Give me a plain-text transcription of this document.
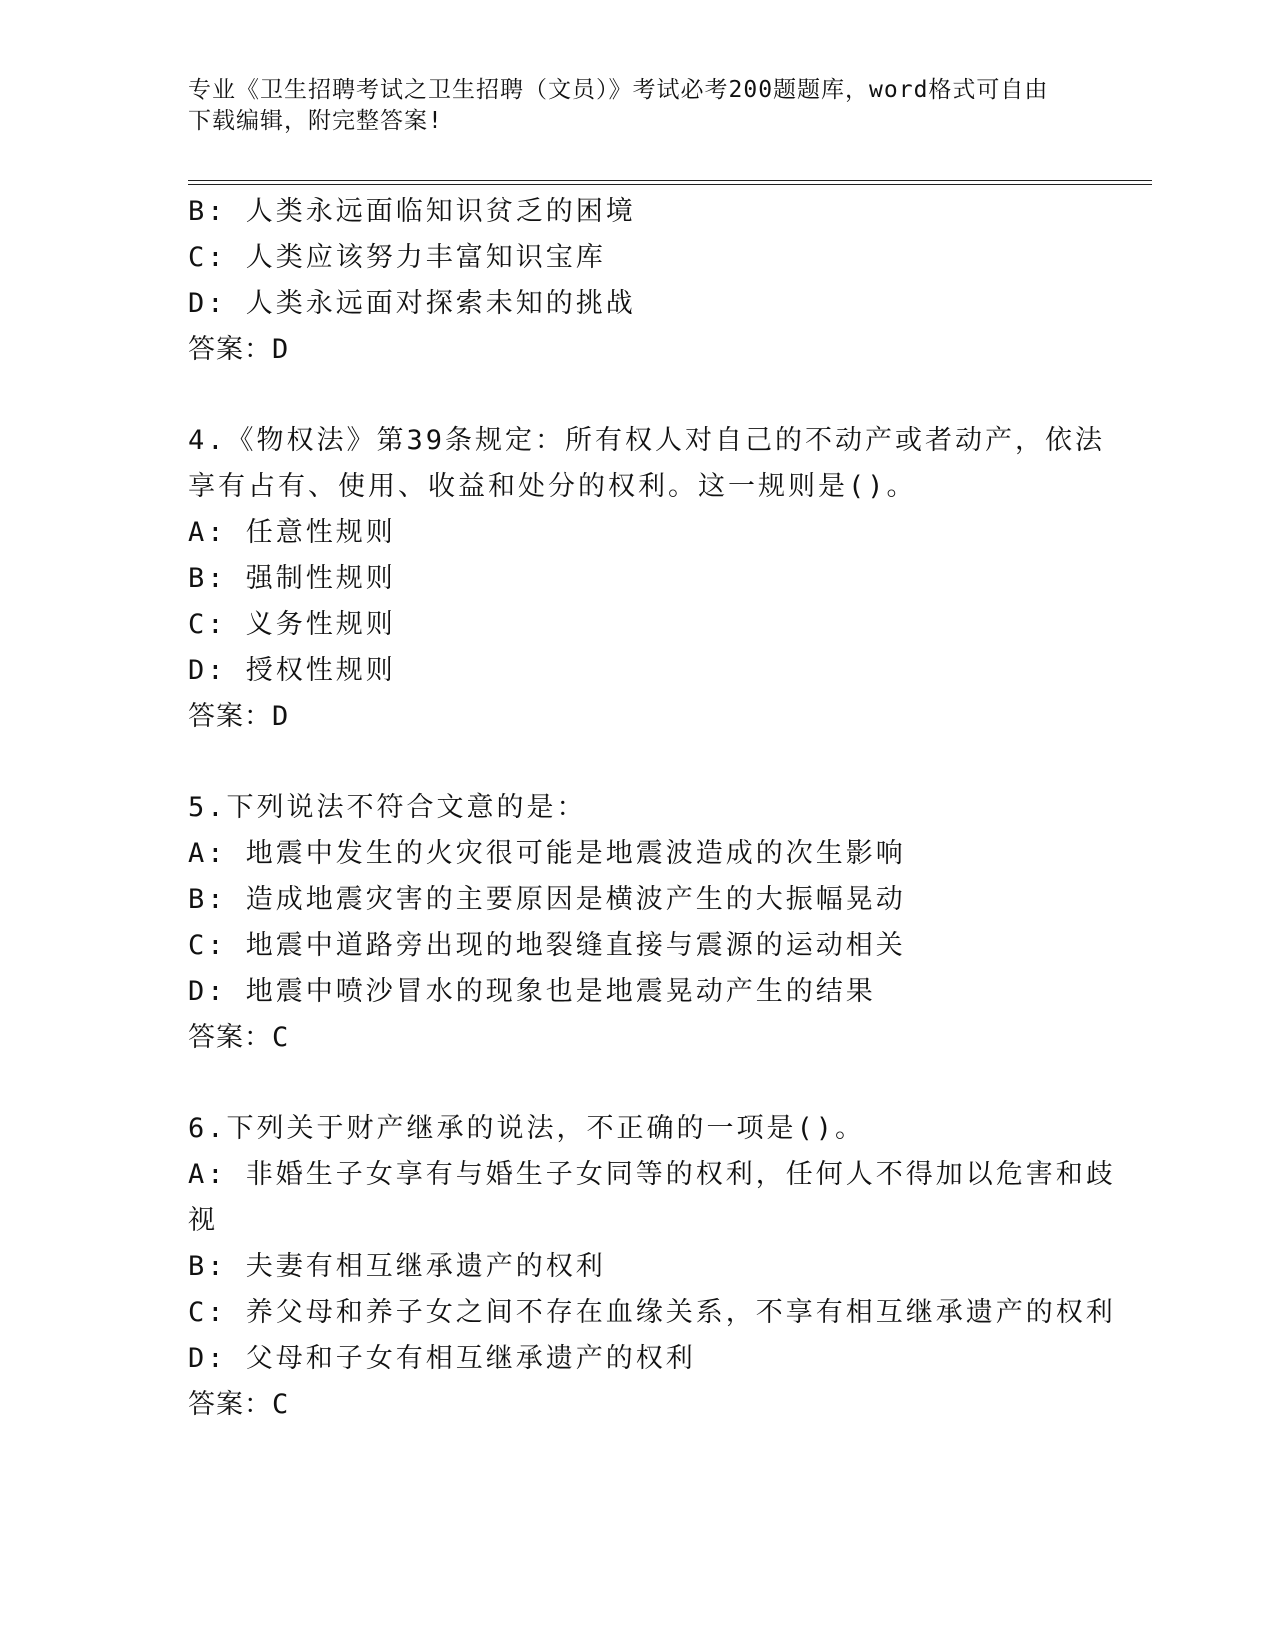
专业《卫生招聘考试之卫生招聘（文员）》考试必考200题题库，word格式可自由下载编辑，附完整答案!
B: 人类永远面临知识贫乏的困境
C: 人类应该努力丰富知识宝库
D: 人类永远面对探索未知的挑战
答案：D
4.《物权法》第39条规定：所有权人对自己的不动产或者动产，依法
享有占有、使用、收益和处分的权利。这一规则是()。
A: 任意性规则
B: 强制性规则
C: 义务性规则
D: 授权性规则
答案：D
5.下列说法不符合文意的是：
A: 地震中发生的火灾很可能是地震波造成的次生影响
B: 造成地震灾害的主要原因是横波产生的大振幅晃动
C: 地震中道路旁出现的地裂缝直接与震源的运动相关
D: 地震中喷沙冒水的现象也是地震晃动产生的结果
答案：C
6.下列关于财产继承的说法，不正确的一项是()。
A: 非婚生子女享有与婚生子女同等的权利，任何人不得加以危害和歧
视
B: 夫妻有相互继承遗产的权利
C: 养父母和养子女之间不存在血缘关系，不享有相互继承遗产的权利
D: 父母和子女有相互继承遗产的权利
答案：C
